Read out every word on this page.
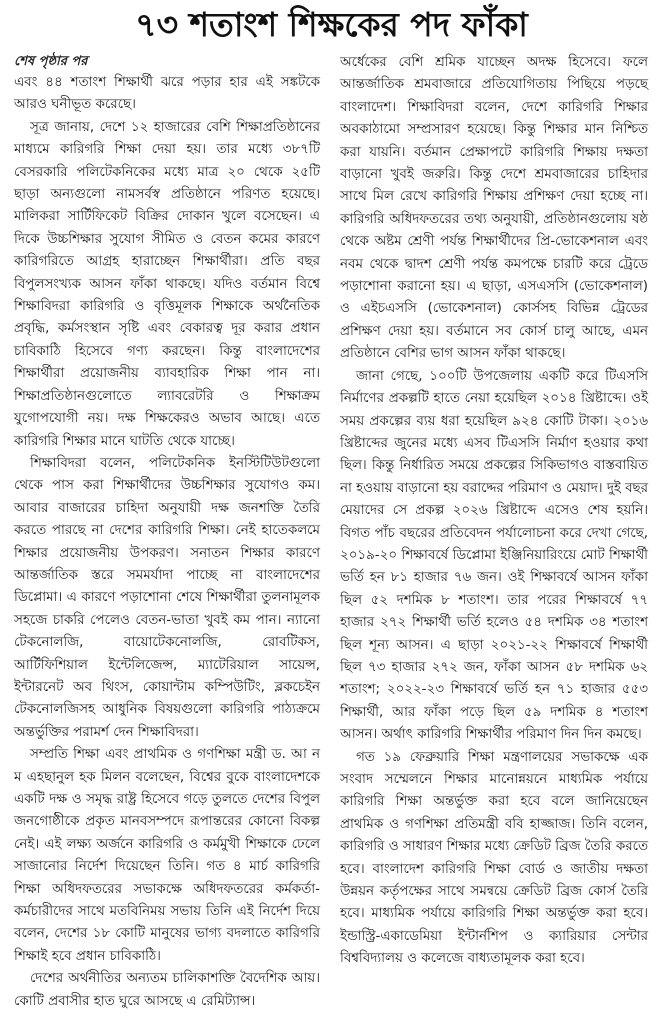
৭৩ শতাংশ শিক্ষকের পদ ফাঁকা
শেষ পৃষ্ঠার পর

এবং ৪৪ শতাংশ শিক্ষার্থী ঝরে পড়ার হার এই সঙ্কটকে আরও ঘনীভূত করেছে।

সূত্র জানায়, দেশে ১২ হাজারের বেশি শিক্ষাপ্রতিষ্ঠানের মাধ্যমে কারিগরি শিক্ষা দেয়া হয়। তার মধ্যে ৩৮৭টি বেসরকারি পলিটেকনিকের মধ্যে মাত্র ২০ থেকে ২৫টি ছাড়া অন্যগুলো নামসর্বস্ব প্রতিষ্ঠানে পরিণত হয়েছে। মালিকরা সার্টিফিকেট বিক্রির দোকান খুলে বসেছেন। এ দিকে উচ্চশিক্ষার সুযোগ সীমিত ও বেতন কমের কারণে কারিগরিতে আগ্রহ হারাচ্ছেন শিক্ষার্থীরা। প্রতি বছর বিপুলসংখ্যক আসন ফাঁকা থাকছে। যদিও বর্তমান বিশ্বে শিক্ষাবিদরা কারিগরি ও বৃত্তিমূলক শিক্ষাকে অর্থনৈতিক প্রবৃদ্ধি, কর্মসংস্থান সৃষ্টি এবং বেকারত্ব দূর করার প্রধান চাবিকাঠি হিসেবে গণ্য করছেন। কিন্তু বাংলাদেশের শিক্ষার্থীরা প্রয়োজনীয় ব্যাবহারিক শিক্ষা পান না। শিক্ষাপ্রতিষ্ঠানগুলোতে ল্যাবরেটরি ও শিক্ষাক্রম যুগোপযোগী নয়। দক্ষ শিক্ষকেরও অভাব আছে। এতে কারিগরি শিক্ষার মানে ঘাটতি থেকে যাচ্ছে।

শিক্ষাবিদরা বলেন, পলিটেকনিক ইনস্টিটিউটগুলো থেকে পাস করা শিক্ষার্থীদের উচ্চশিক্ষার সুযোগও কম। আবার বাজারের চাহিদা অনুযায়ী দক্ষ জনশক্তি তৈরি করতে পারছে না দেশের কারিগরি শিক্ষা। নেই হাতেকলমে শিক্ষার প্রয়োজনীয় উপকরণ। সনাতন শিক্ষার কারণে আন্তর্জাতিক স্তরে সমমর্যাদা পাচ্ছে না বাংলাদেশের ডিপ্লোমা। এ কারণে পড়াশোনা শেষে শিক্ষার্থীরা তুলনামূলক সহজে চাকরি পেলেও বেতন-ভাতা খুবই কম পান। ন্যানো টেকনোলজি, বায়োটেকনোলজি, রোবটিকস, আর্টিফিশিয়াল ইন্টেলিজেন্স, ম্যাটেরিয়াল সায়েন্স, ইন্টারনেট অব থিংস, কোয়ান্টাম কম্পিউটিং, ব্লকচেইন টেকনোলজিসহ আধুনিক বিষয়গুলো কারিগরি পাঠ্যক্রমে অন্তর্ভুক্তির পরামর্শ দেন শিক্ষাবিদরা।

সম্প্রতি শিক্ষা এবং প্রাথমিক ও গণশিক্ষা মন্ত্রী ড. আ ন ম এহছানুল হক মিলন বলেছেন, বিশ্বের বুকে বাংলাদেশকে একটি দক্ষ ও সমৃদ্ধ রাষ্ট্র হিসেবে গড়ে তুলতে দেশের বিপুল জনগোষ্ঠীকে প্রকৃত মানবসম্পদে রূপান্তরের কোনো বিকল্প নেই। এই লক্ষ্য অর্জনে কারিগরি ও কর্মমুখী শিক্ষাকে ঢেলে সাজানোর নির্দেশ দিয়েছেন তিনি। গত ৪ মার্চ কারিগরি শিক্ষা অধিদফতরের সভাকক্ষে অধিদফতরের কর্মকর্তা-কর্মচারীদের সাথে মতবিনিময় সভায় তিনি এই নির্দেশ দিয়ে বলেন, দেশের ১৮ কোটি মানুষের ভাগ্য বদলাতে কারিগরি শিক্ষাই হবে প্রধান চাবিকাঠি।

দেশের অর্থনীতির অন্যতম চালিকাশক্তি বৈদেশিক আয়। কোটি প্রবাসীর হাত ঘুরে আসছে এ রেমিট্যান্স।

অর্ধেকের বেশি শ্রমিক যাচ্ছেন অদক্ষ হিসেবে। ফলে আন্তর্জাতিক শ্রমবাজারে প্রতিযোগিতায় পিছিয়ে পড়ছে বাংলাদেশ। শিক্ষাবিদরা বলেন, দেশে কারিগরি শিক্ষার অবকাঠামো সম্প্রসারণ হয়েছে। কিন্তু শিক্ষার মান নিশ্চিত করা যায়নি। বর্তমান প্রেক্ষাপটে কারিগরি শিক্ষায় দক্ষতা বাড়ানো খুবই জরুরি। কিন্তু দেশে শ্রমবাজারের চাহিদার সাথে মিল রেখে কারিগরি শিক্ষায় প্রশিক্ষণ দেয়া হচ্ছে না। কারিগরি অধিদফতরের তথ্য অনুযায়ী, প্রতিষ্ঠানগুলোয় ষষ্ঠ থেকে অষ্টম শ্রেণী পর্যন্ত শিক্ষার্থীদের প্রি-ভোকেশনাল এবং নবম থেকে দ্বাদশ শ্রেণী পর্যন্ত কমপক্ষে চারটি করে ট্রেডে পড়াশোনা করানো হয়। এ ছাড়া, এসএসসি (ভোকেশনাল) ও এইচএসসি (ভোকেশনাল) কোর্সসহ বিভিন্ন ট্রেডের প্রশিক্ষণ দেয়া হয়। বর্তমানে সব কোর্স চালু আছে, এমন প্রতিষ্ঠানে বেশির ভাগ আসন ফাঁকা থাকছে।

জানা গেছে, ১০০টি উপজেলায় একটি করে টিএসসি নির্মাণের প্রকল্পটি হাতে নেয়া হয়েছিল ২০১৪ খ্রিষ্টাব্দে। ওই সময় প্রকল্পের ব্যয় ধরা হয়েছিল ৯২৪ কোটি টাকা। ২০১৬ খ্রিষ্টাব্দের জুনের মধ্যে এসব টিএসসি নির্মাণ হওয়ার কথা ছিল। কিন্তু নির্ধারিত সময়ে প্রকল্পের সিকিভাগও বাস্তবায়িত না হওয়ায় বাড়ানো হয় বরাদ্দের পরিমাণ ও মেয়াদ। দুই বছর মেয়াদের সে প্রকল্প ২০২৬ খ্রিষ্টাব্দে এসেও শেষ হয়নি। বিগত পাঁচ বছরের প্রতিবেদন পর্যালোচনা করে দেখা গেছে, ২০১৯-২০ শিক্ষাবর্ষে ডিপ্লোমা ইঞ্জিনিয়ারিংয়ে মোট শিক্ষার্থী ভর্তি হন ৮১ হাজার ৭৬ জন। ওই শিক্ষাবর্ষে আসন ফাঁকা ছিল ৫২ দশমিক ৮ শতাংশ। তার পরের শিক্ষাবর্ষে ৭৭ হাজার ২৭২ শিক্ষার্থী ভর্তি হলেও ৫৪ দশমিক ৩৪ শতাংশ ছিল শূন্য আসন। এ ছাড়া ২০২১-২২ শিক্ষাবর্ষে শিক্ষার্থী ছিল ৭৩ হাজার ২৭২ জন, ফাঁকা আসন ৫৮ দশমিক ৬২ শতাংশ; ২০২২-২৩ শিক্ষাবর্ষে ভর্তি হন ৭১ হাজার ৫৫৩ শিক্ষার্থী, আর ফাঁকা পড়ে ছিল ৫৯ দশমিক ৪ শতাংশ আসন। অর্থাৎ কারিগরি শিক্ষার্থীর পরিমাণ দিন দিন কমছে।

গত ১৯ ফেব্রুয়ারি শিক্ষা মন্ত্রণালয়ের সভাকক্ষে এক সংবাদ সম্মেলনে শিক্ষার মানোন্নয়নে মাধ্যমিক পর্যায়ে কারিগরি শিক্ষা অন্তর্ভুক্ত করা হবে বলে জানিয়েছেন প্রাথমিক ও গণশিক্ষা প্রতিমন্ত্রী ববি হাজ্জাজ। তিনি বলেন, কারিগরি ও সাধারণ শিক্ষার মধ্যে ক্রেডিট ব্রিজ তৈরি করতে হবে। বাংলাদেশ কারিগরি শিক্ষা বোর্ড ও জাতীয় দক্ষতা উন্নয়ন কর্তৃপক্ষের সাথে সমন্বয়ে ক্রেডিট ব্রিজ কোর্স তৈরি হবে। মাধ্যমিক পর্যায়ে কারিগরি শিক্ষা অন্তর্ভুক্ত করা হবে। ইন্ডাস্ট্রি-একাডেমিয়া ইন্টার্নশিপ ও ক্যারিয়ার সেন্টার বিশ্ববিদ্যালয় ও কলেজে বাধ্যতামূলক করা হবে।
